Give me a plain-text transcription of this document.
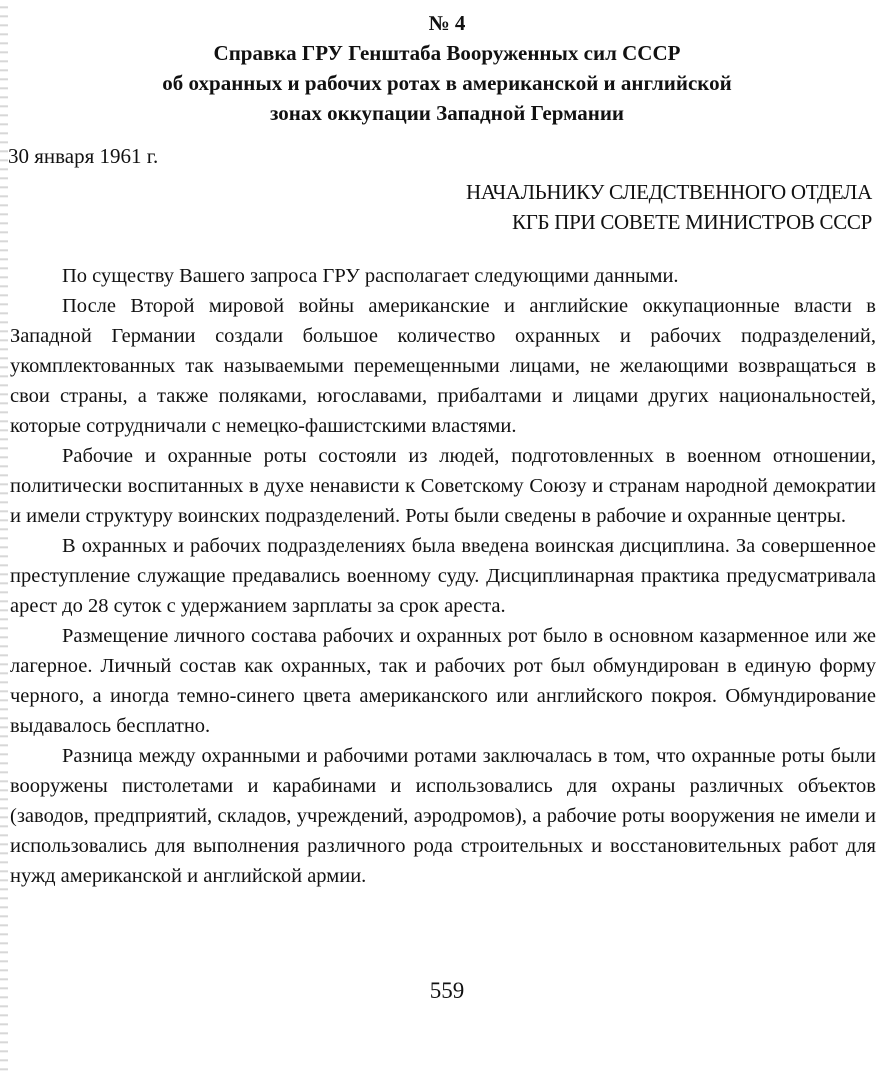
№ 4
Справка ГРУ Генштаба Вооруженных сил СССР
об охранных и рабочих ротах в американской и английской
зонах оккупации Западной Германии
30 января 1961 г.
НАЧАЛЬНИКУ СЛЕДСТВЕННОГО ОТДЕЛА
КГБ ПРИ СОВЕТЕ МИНИСТРОВ СССР

По существу Вашего запроса ГРУ располагает следующими данными.

После Второй мировой войны американские и английские оккупационные власти в Западной Германии создали большое количество охранных и рабочих подразделений, укомплектованных так называемыми перемещенными лицами, не желающими возвращаться в свои страны, а также поляками, югославами, прибалтами и лицами других национальностей, которые сотрудничали с немецко-фашистскими властями.

Рабочие и охранные роты состояли из людей, подготовленных в военном отношении, политически воспитанных в духе ненависти к Советскому Союзу и странам народной демократии и имели структуру воинских подразделений. Роты были сведены в рабочие и охранные центры.

В охранных и рабочих подразделениях была введена воинская дисциплина. За совершенное преступление служащие предавались военному суду. Дисциплинарная практика предусматривала арест до 28 суток с удержанием зарплаты за срок ареста.

Размещение личного состава рабочих и охранных рот было в основном казарменное или же лагерное. Личный состав как охранных, так и рабочих рот был обмундирован в единую форму черного, а иногда темно-синего цвета американского или английского покроя. Обмундирование выдавалось бесплатно.

Разница между охранными и рабочими ротами заключалась в том, что охранные роты были вооружены пистолетами и карабинами и использовались для охраны различных объектов (заводов, предприятий, складов, учреждений, аэродромов), а рабочие роты вооружения не имели и использовались для выполнения различного рода строительных и восстановительных работ для нужд американской и английской армии.

559
